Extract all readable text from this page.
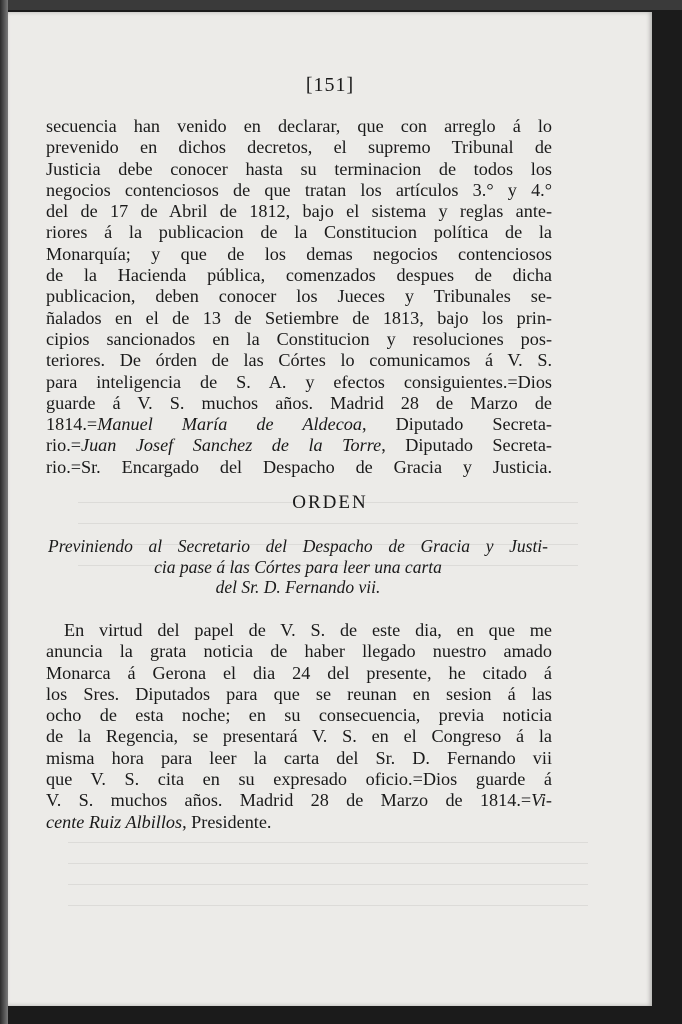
[151]
secuencia han venido en declarar, que con arreglo á lo
prevenido en dichos decretos, el supremo Tribunal de
Justicia debe conocer hasta su terminacion de todos los
negocios contenciosos de que tratan los artículos 3.° y 4.°
del de 17 de Abril de 1812, bajo el sistema y reglas ante-
riores á la publicacion de la Constitucion política de la
Monarquía; y que de los demas negocios contenciosos
de la Hacienda pública, comenzados despues de dicha
publicacion, deben conocer los Jueces y Tribunales se-
ñalados en el de 13 de Setiembre de 1813, bajo los prin-
cipios sancionados en la Constitucion y resoluciones pos-
teriores. De órden de las Córtes lo comunicamos á V. S.
para inteligencia de S. A. y efectos consiguientes.=Dios
guarde á V. S. muchos años. Madrid 28 de Marzo de
1814.=Manuel María de Aldecoa, Diputado Secreta-
rio.=Juan Josef Sanchez de la Torre, Diputado Secreta-
rio.=Sr. Encargado del Despacho de Gracia y Justicia.
ORDEN
Previniendo al Secretario del Despacho de Gracia y Justi-
cia pase á las Córtes para leer una carta
del Sr. D. Fernando vii.
En virtud del papel de V. S. de este dia, en que me
anuncia la grata noticia de haber llegado nuestro amado
Monarca á Gerona el dia 24 del presente, he citado á
los Sres. Diputados para que se reunan en sesion á las
ocho de esta noche; en su consecuencia, previa noticia
de la Regencia, se presentará V. S. en el Congreso á la
misma hora para leer la carta del Sr. D. Fernando vii
que V. S. cita en su expresado oficio.=Dios guarde á
V. S. muchos años. Madrid 28 de Marzo de 1814.=Vi-
cente Ruiz Albillos, Presidente.
